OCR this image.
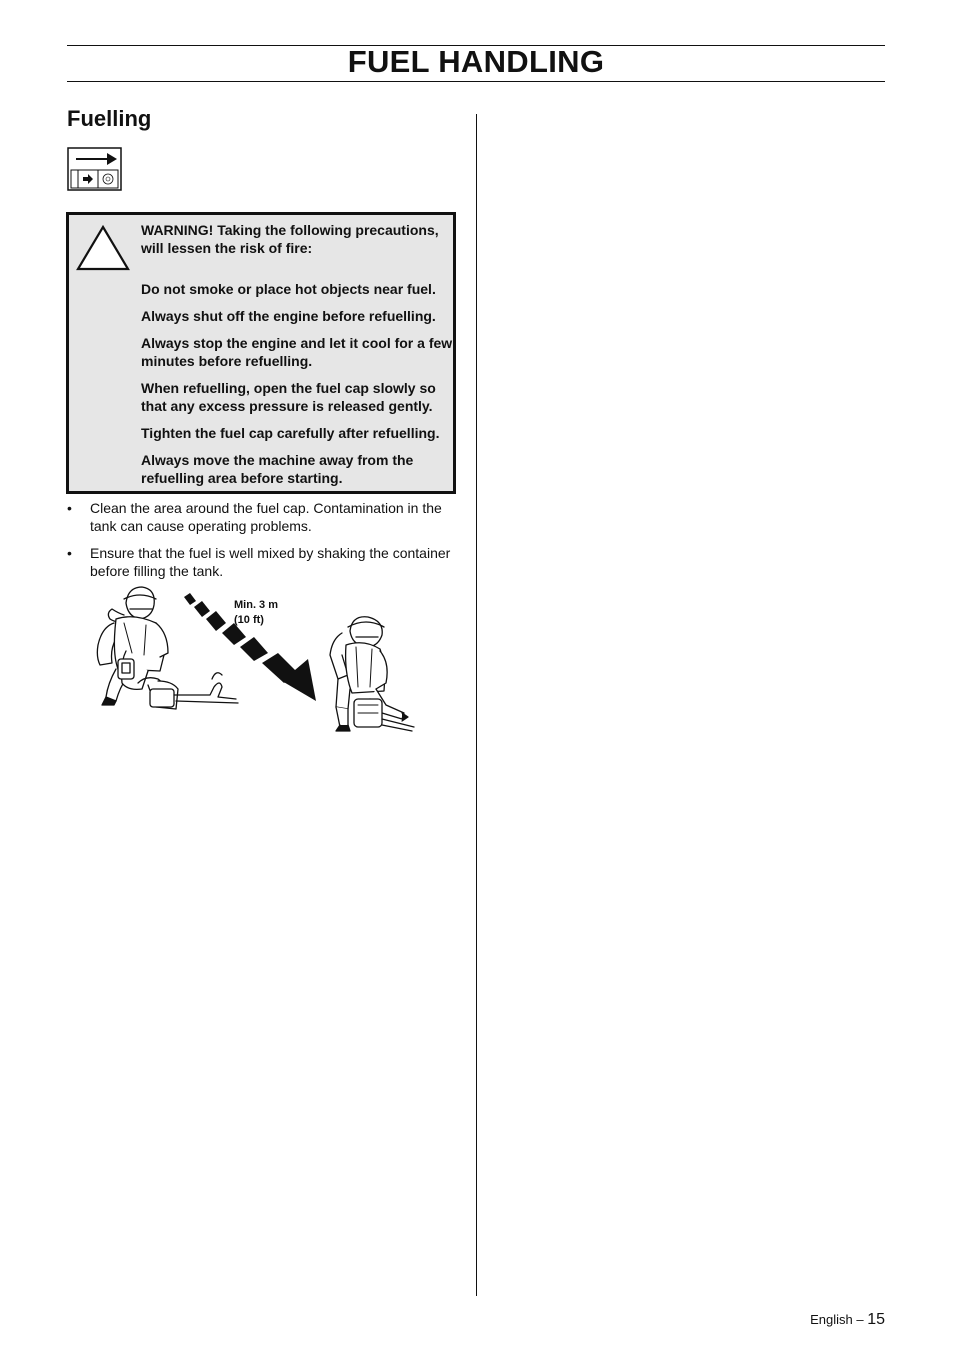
FUEL HANDLING
Fuelling

WARNING! Taking the following precautions, will lessen the risk of fire:

Do not smoke or place hot objects near fuel.

Always shut off the engine before refuelling.

Always stop the engine and let it cool for a few minutes before refuelling.

When refuelling, open the fuel cap slowly so that any excess pressure is released gently.

Tighten the fuel cap carefully after refuelling.

Always move the machine away from the refuelling area before starting.

• Clean the area around the fuel cap. Contamination in the tank can cause operating problems.
• Ensure that the fuel is well mixed by shaking the container before filling the tank.
Min. 3 m
(10 ft)
English – 15
